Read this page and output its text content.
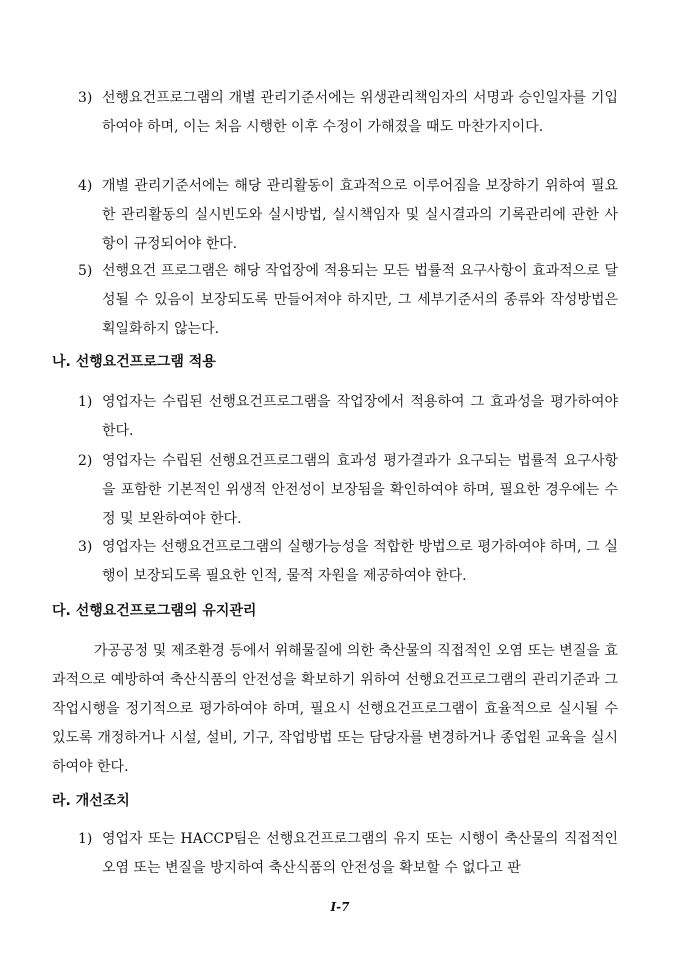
3) 선행요건프로그램의 개별 관리기준서에는 위생관리책임자의 서명과 승인일자를 기입하여야 하며, 이는 처음 시행한 이후 수정이 가해졌을 때도 마찬가지이다.
4) 개별 관리기준서에는 해당 관리활동이 효과적으로 이루어짐을 보장하기 위하여 필요한 관리활동의 실시빈도와 실시방법, 실시책임자 및 실시결과의 기록관리에 관한 사항이 규정되어야 한다.
5) 선행요건 프로그램은 해당 작업장에 적용되는 모든 법률적 요구사항이 효과적으로 달성될 수 있음이 보장되도록 만들어져야 하지만, 그 세부기준서의 종류와 작성방법은 획일화하지 않는다.
나. 선행요건프로그램 적용
1) 영업자는 수립된 선행요건프로그램을 작업장에서 적용하여 그 효과성을 평가하여야 한다.
2) 영업자는 수립된 선행요건프로그램의 효과성 평가결과가 요구되는 법률적 요구사항을 포함한 기본적인 위생적 안전성이 보장됨을 확인하여야 하며, 필요한 경우에는 수정 및 보완하여야 한다.
3) 영업자는 선행요건프로그램의 실행가능성을 적합한 방법으로 평가하여야 하며, 그 실행이 보장되도록 필요한 인적, 물적 자원을 제공하여야 한다.
다. 선행요건프로그램의 유지관리
가공공정 및 제조환경 등에서 위해물질에 의한 축산물의 직접적인 오염 또는 변질을 효과적으로 예방하여 축산식품의 안전성을 확보하기 위하여 선행요건프로그램의 관리기준과 그 작업시행을 정기적으로 평가하여야 하며, 필요시 선행요건프로그램이 효율적으로 실시될 수 있도록 개정하거나 시설, 설비, 기구, 작업방법 또는 담당자를 변경하거나 종업원 교육을 실시하여야 한다.
라. 개선조치
1) 영업자 또는 HACCP팀은 선행요건프로그램의 유지 또는 시행이 축산물의 직접적인 오염 또는 변질을 방지하여 축산식품의 안전성을 확보할 수 없다고 판
I-7
